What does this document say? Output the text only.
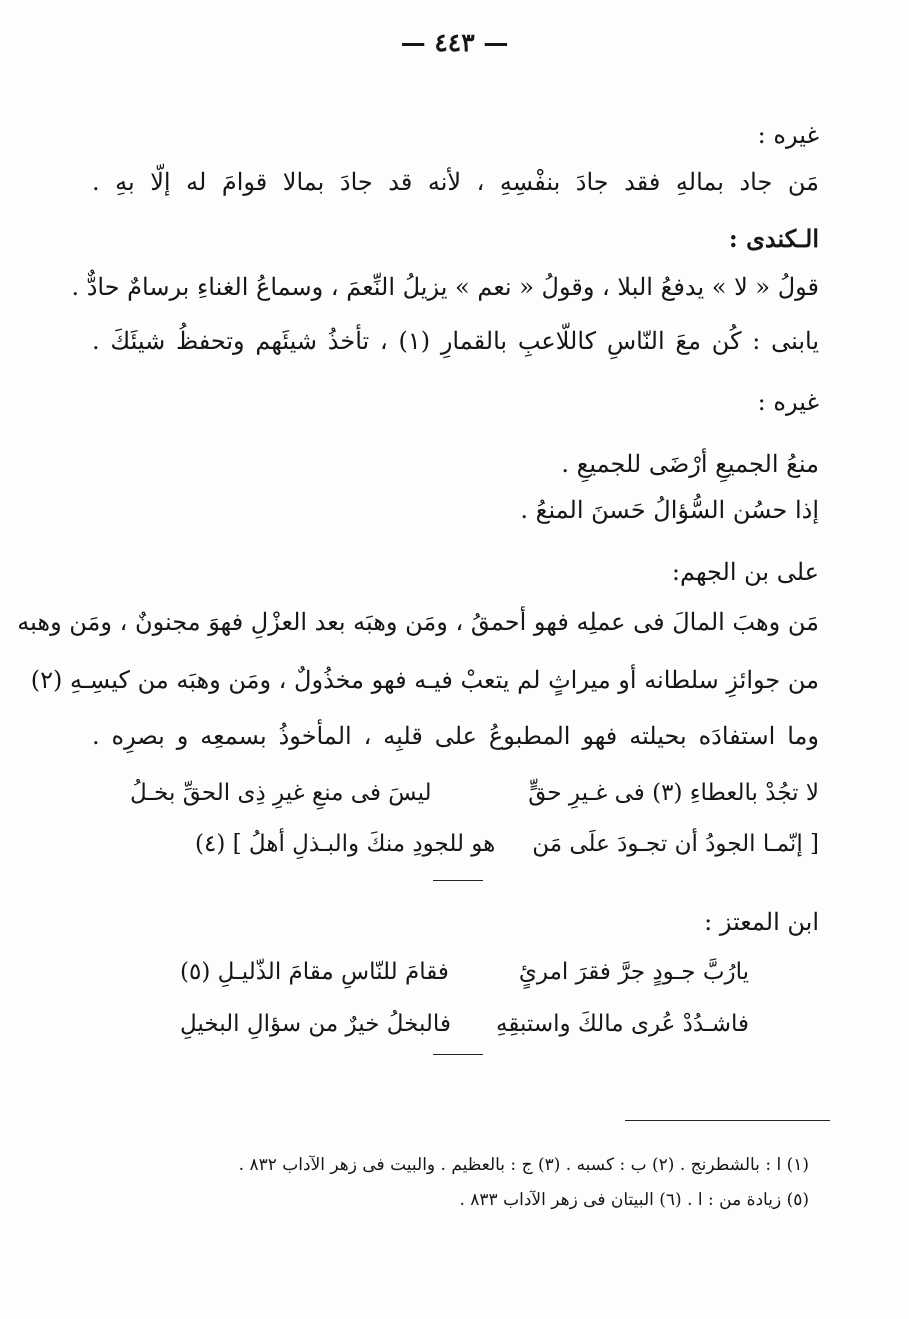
— ٤٤٣ —
غيره :
مَن جاد بمالهِ فقد جادَ بنفْسِهِ ، لأنه قد جادَ بمالا قوامَ له إلّا بهِ .
الـكندى :
قولُ « لا » يدفعُ البلا ، وقولُ « نعم » يزيلُ النِّعمَ ، وسماعُ الغناءِ برسامٌ حادٌّ .
يابنى : كُن معَ النّاسِ كاللّاعبِ بالقمارِ (١) ، تأخذُ شيئَهم وتحفظُ شيئَكَ .
غيره :
منعُ الجميعِ أرْضَى للجميعِ .
إذا حسُن السُّؤالُ حَسنَ المنعُ .
على بن الجهم:
مَن وهبَ المالَ فى عملِه فهو أحمقُ ، ومَن وهبَه بعد العزْلِ فهوَ مجنونٌ ، ومَن وهبه
من جوائزِ سلطانه أو ميراثٍ لم يتعبْ فيـه فهو مخذُولٌ ، ومَن وهبَه من كيسِـهِ (٢)
وما استفادَه بحيلته فهو المطبوعُ على قلبِه ، المأخوذُ بسمعِه و بصرِه .
لا تجُدْ بالعطاءِ (٣) فى غـيرِ حقٍّ
ليسَ فى منعِ غيرِ ذِى الحقِّ بخـلُ
[ إنّمـا الجودُ أن تجـودَ علَى مَن
هو للجودِ منكَ والبـذلِ أهلُ ] (٤)
ابن المعتز :
يارُبَّ جـودٍ جرَّ فقرَ امرئٍ
فقامَ للنّاسِ مقامَ الذّليـلِ (٥)
فاشـدُدْ عُرى مالكَ واستبقِهِ
فالبخلُ خيرٌ من سؤالِ البخيلِ
(١) ا : بالشطرنج . (٢) ب : كسبه . (٣) ج : بالعظيم . والبيت فى زهر الآداب ٨٣٢ .
(٥) زيادة من : ا . (٦) البيتان فى زهر الآداب ٨٣٣ .
